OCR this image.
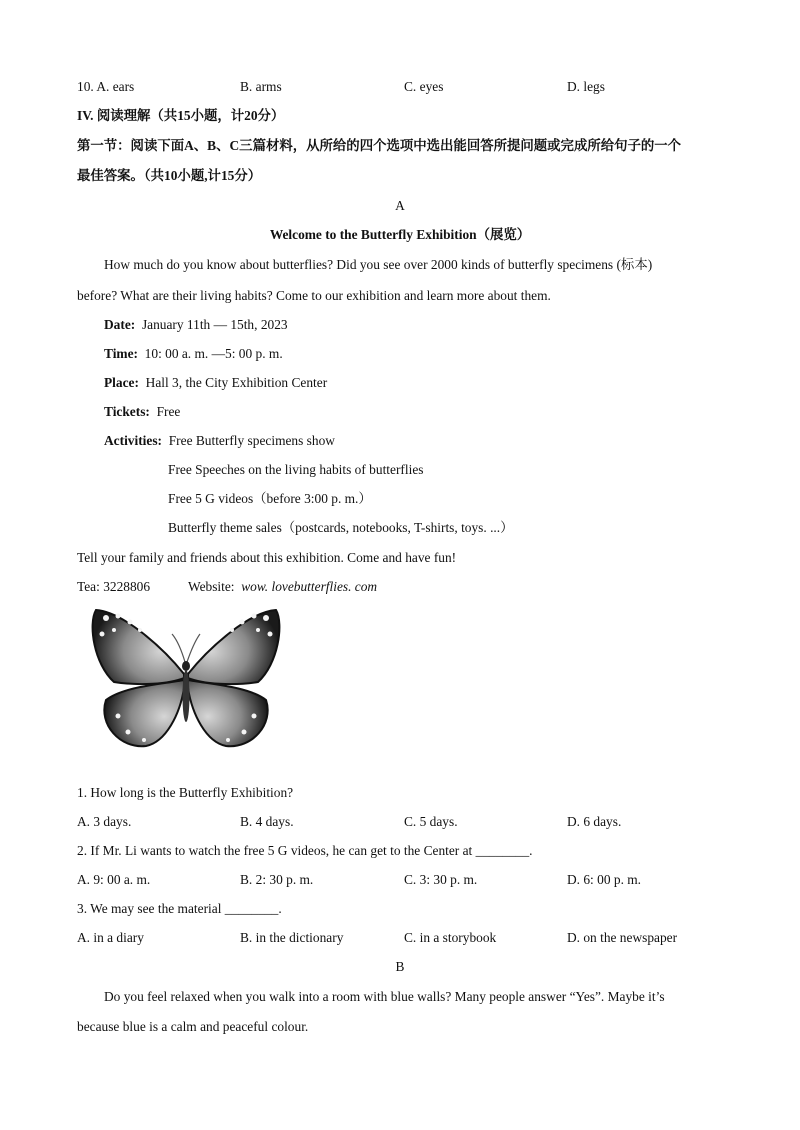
10. A. ears	B. arms	C. eyes	D. legs
IV. 阅读理解（共15小题，计20分）
第一节：阅读下面A、B、C三篇材料，从所给的四个选项中选出能回答所提问题或完成所给句子的一个
最佳答案。（共10小题,计15分）
A
Welcome to the Butterfly Exhibition（展览）
How much do you know about butterflies? Did you see over 2000 kinds of butterfly specimens (标本)
before? What are their living habits? Come to our exhibition and learn more about them.
Date: January 11th — 15th, 2023
Time: 10: 00 a. m. —5: 00 p. m.
Place: Hall 3, the City Exhibition Center
Tickets: Free
Activities: Free Butterfly specimens show
Free Speeches on the living habits of butterflies
Free 5 G videos（before 3:00 p. m.）
Butterfly theme sales（postcards, notebooks, T-shirts, toys. ...）
Tell your family and friends about this exhibition. Come and have fun!
Tea: 3228806	Website: wow. lovebutterflies. com
1. How long is the Butterfly Exhibition?
A. 3 days.	B. 4 days.	C. 5 days.	D. 6 days.
2. If Mr. Li wants to watch the free 5 G videos, he can get to the Center at ________.
A. 9: 00 a. m.	B. 2: 30 p. m.	C. 3: 30 p. m.	D. 6: 00 p. m.
3. We may see the material ________.
A. in a diary	B. in the dictionary	C. in a storybook	D. on the newspaper
B
Do you feel relaxed when you walk into a room with blue walls? Many people answer “Yes”. Maybe it’s
because blue is a calm and peaceful colour.
